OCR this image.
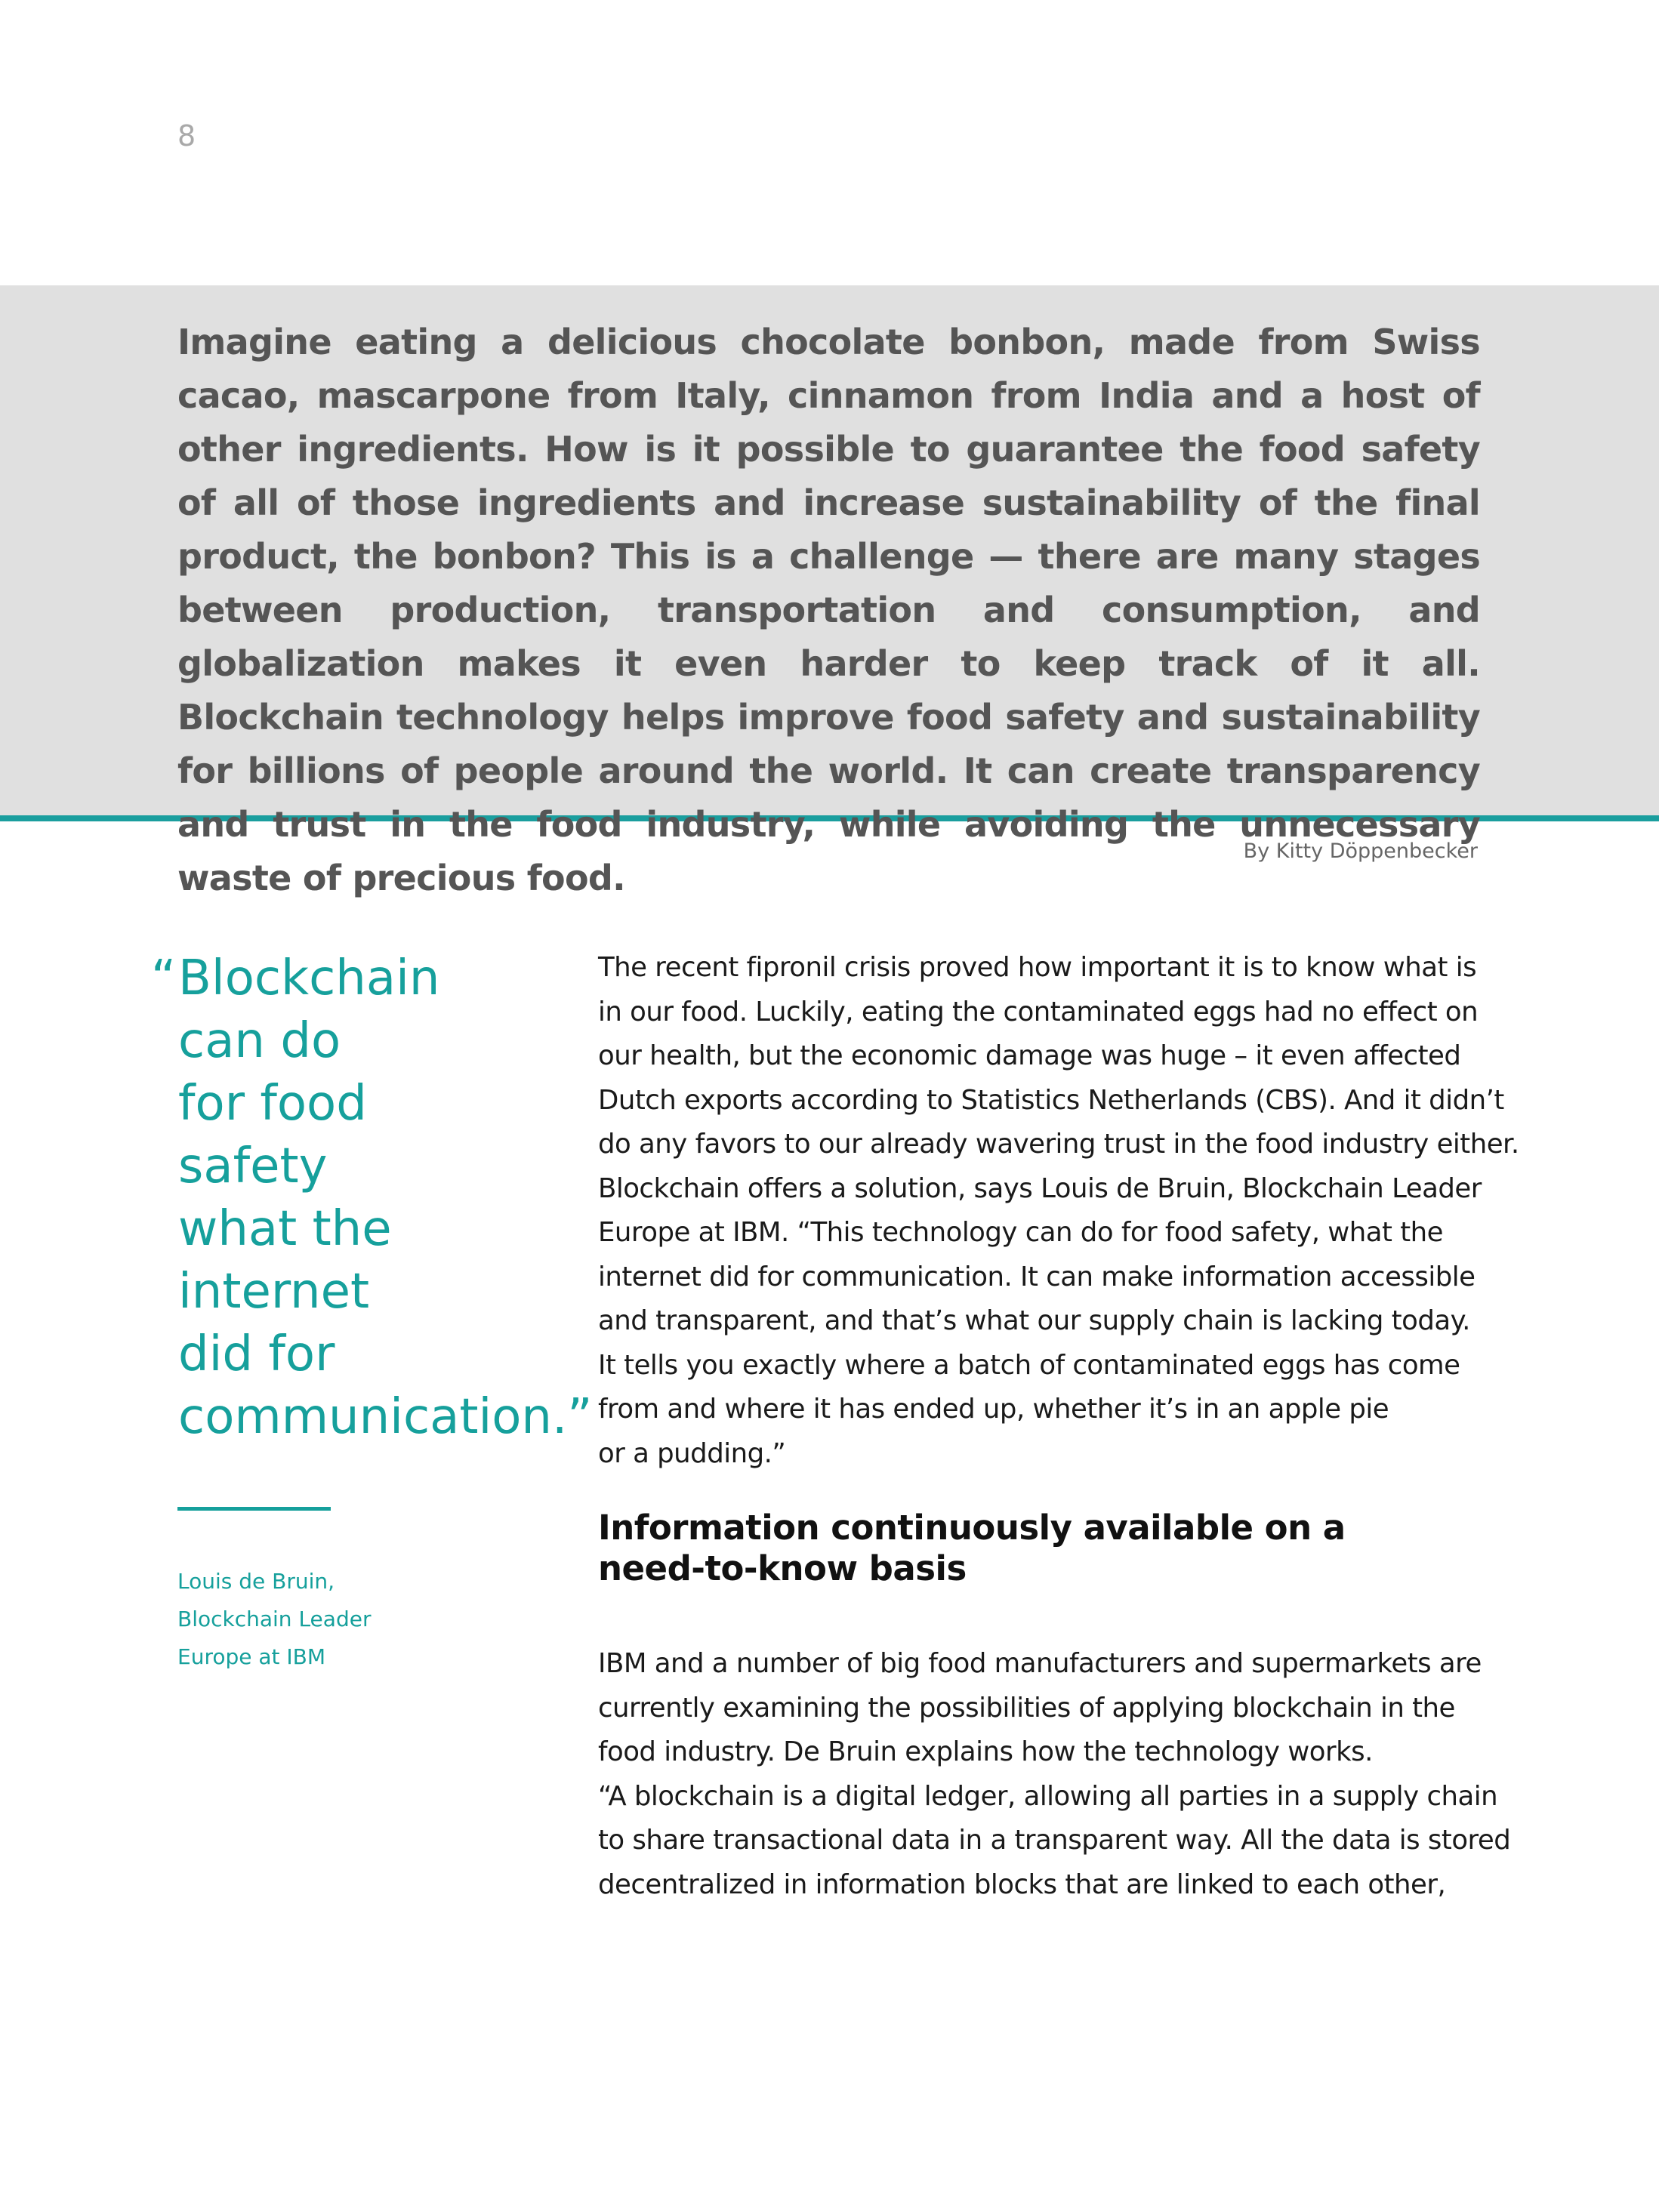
8

Imagine eating a delicious chocolate bonbon, made from Swiss cacao, mascarpone from Italy, cinnamon from India and a host of other ingredients. How is it possible to guarantee the food safety of all of those ingredients and increase sustainability of the final product, the bonbon? This is a challenge — there are many stages between production, transportation and consumption, and globalization makes it even harder to keep track of it all. Blockchain technology helps improve food safety and sustainability for billions of people around the world. It can create transparency and trust in the food industry, while avoiding the unnecessary waste of precious food.

By Kitty Döppenbecker
“ Blockchain
can do
for food
safety
what the
internet
did for
communication.”
Louis de Bruin,
Blockchain Leader
Europe at IBM
The recent fipronil crisis proved how important it is to know what is
in our food. Luckily, eating the contaminated eggs had no effect on
our health, but the economic damage was huge – it even affected
Dutch exports according to Statistics Netherlands (CBS). And it didn’t
do any favors to our already wavering trust in the food industry either.
Blockchain offers a solution, says Louis de Bruin, Blockchain Leader
Europe at IBM. “This technology can do for food safety, what the
internet did for communication. It can make information accessible
and transparent, and that’s what our supply chain is lacking today.
It tells you exactly where a batch of contaminated eggs has come
from and where it has ended up, whether it’s in an apple pie
or a pudding.”
Information continuously available on a
need-to-know basis
IBM and a number of big food manufacturers and supermarkets are
currently examining the possibilities of applying blockchain in the
food industry. De Bruin explains how the technology works.
“A blockchain is a digital ledger, allowing all parties in a supply chain
to share transactional data in a transparent way. All the data is stored
decentralized in information blocks that are linked to each other,
